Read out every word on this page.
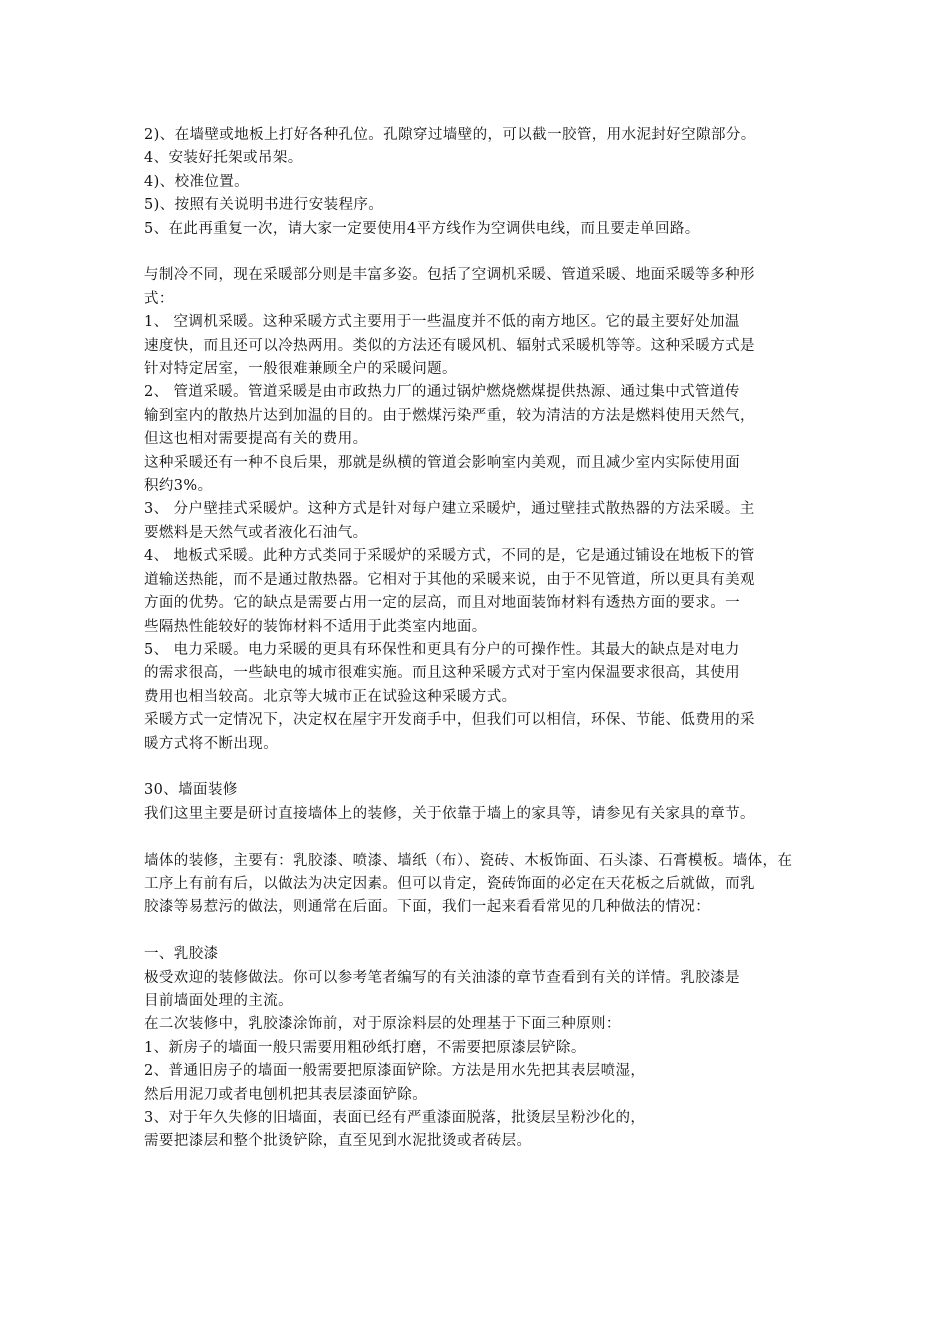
2)、在墙壁或地板上打好各种孔位。孔隙穿过墙壁的，可以截一胶管，用水泥封好空隙部分。
4、安装好托架或吊架。
4)、校准位置。
5)、按照有关说明书进行安装程序。
5、在此再重复一次，请大家一定要使用4平方线作为空调供电线，而且要走单回路。
与制冷不同，现在采暖部分则是丰富多姿。包括了空调机采暖、管道采暖、地面采暖等多种形
式：
1、 空调机采暖。这种采暖方式主要用于一些温度并不低的南方地区。它的最主要好处加温
速度快，而且还可以冷热两用。类似的方法还有暖风机、辐射式采暖机等等。这种采暖方式是
针对特定居室，一般很难兼顾全户的采暖问题。
2、 管道采暖。管道采暖是由市政热力厂的通过锅炉燃烧燃煤提供热源、通过集中式管道传
输到室内的散热片达到加温的目的。由于燃煤污染严重，较为清洁的方法是燃料使用天然气，
但这也相对需要提高有关的费用。
这种采暖还有一种不良后果，那就是纵横的管道会影响室内美观，而且减少室内实际使用面
积约3%。
3、 分户壁挂式采暖炉。这种方式是针对每户建立采暖炉，通过壁挂式散热器的方法采暖。主
要燃料是天然气或者液化石油气。
4、 地板式采暖。此种方式类同于采暖炉的采暖方式，不同的是，它是通过铺设在地板下的管
道输送热能，而不是通过散热器。它相对于其他的采暖来说，由于不见管道，所以更具有美观
方面的优势。它的缺点是需要占用一定的层高，而且对地面装饰材料有透热方面的要求。一
些隔热性能较好的装饰材料不适用于此类室内地面。
5、 电力采暖。电力采暖的更具有环保性和更具有分户的可操作性。其最大的缺点是对电力
的需求很高，一些缺电的城市很难实施。而且这种采暖方式对于室内保温要求很高，其使用
费用也相当较高。北京等大城市正在试验这种采暖方式。
采暖方式一定情况下，决定权在屋宇开发商手中，但我们可以相信，环保、节能、低费用的采
暖方式将不断出现。
30、墙面装修
我们这里主要是研讨直接墙体上的装修，关于依靠于墙上的家具等，请参见有关家具的章节。
墙体的装修，主要有：乳胶漆、喷漆、墙纸（布）、瓷砖、木板饰面、石头漆、石膏模板。墙体，在
工序上有前有后，以做法为决定因素。但可以肯定，瓷砖饰面的必定在天花板之后就做，而乳
胶漆等易惹污的做法，则通常在后面。下面，我们一起来看看常见的几种做法的情况：
一、乳胶漆
极受欢迎的装修做法。你可以参考笔者编写的有关油漆的章节查看到有关的详情。乳胶漆是
目前墙面处理的主流。
在二次装修中，乳胶漆涂饰前，对于原涂料层的处理基于下面三种原则：
1、新房子的墙面一般只需要用粗砂纸打磨，不需要把原漆层铲除。
2、普通旧房子的墙面一般需要把原漆面铲除。方法是用水先把其表层喷湿，
然后用泥刀或者电刨机把其表层漆面铲除。
3、对于年久失修的旧墙面，表面已经有严重漆面脱落，批烫层呈粉沙化的，
需要把漆层和整个批烫铲除，直至见到水泥批烫或者砖层。
